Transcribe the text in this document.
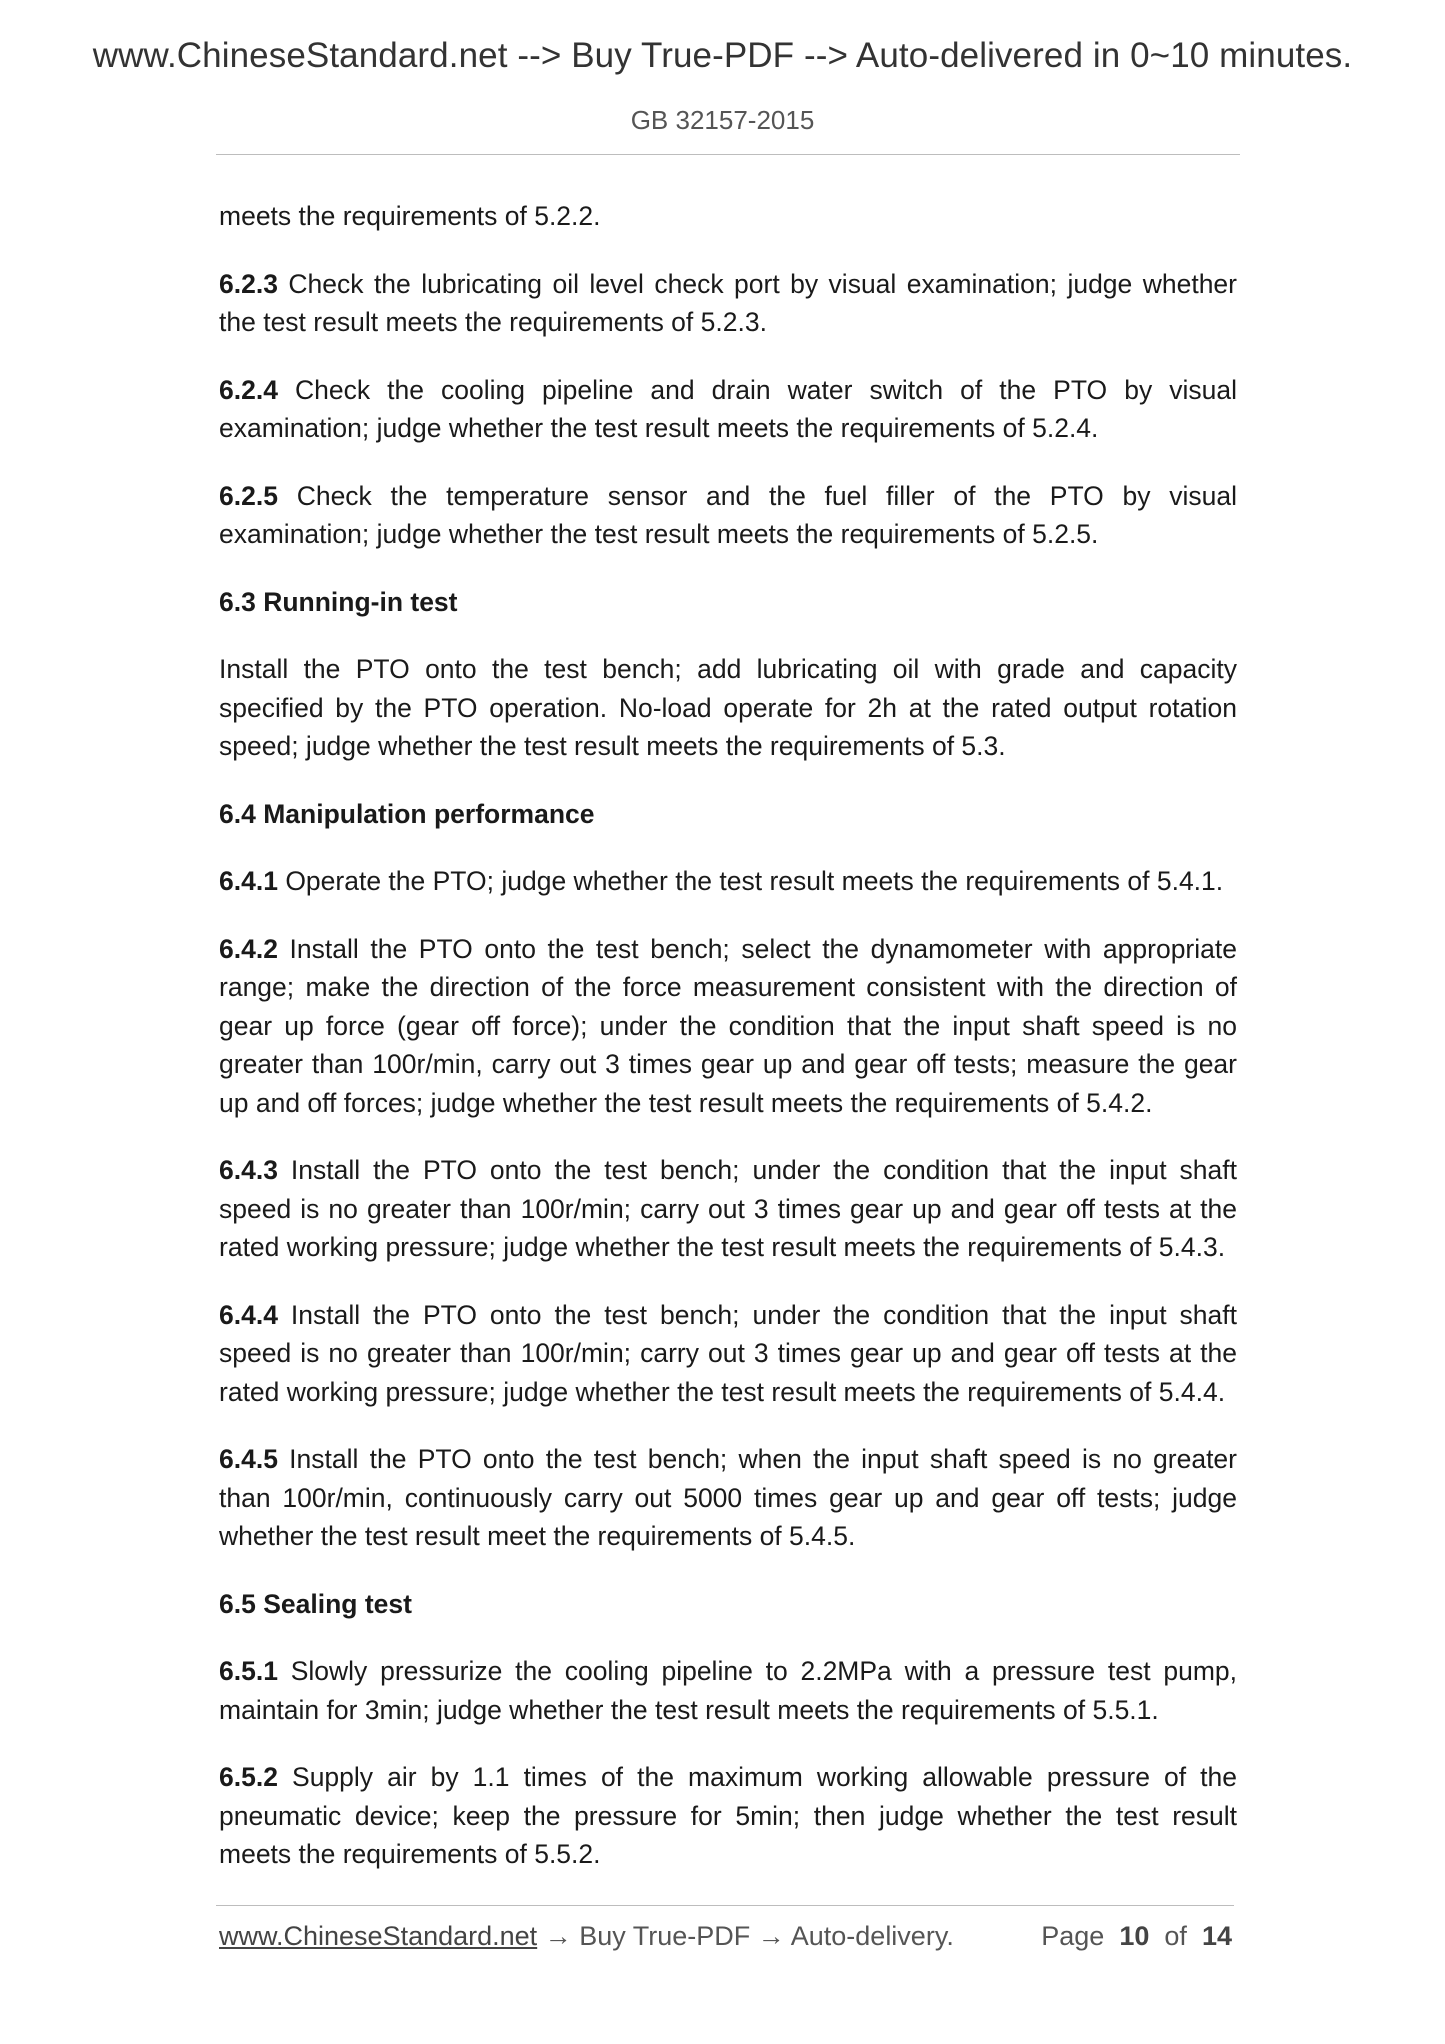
www.ChineseStandard.net --> Buy True-PDF --> Auto-delivered in 0~10 minutes.
GB 32157-2015

meets the requirements of 5.2.2.

6.2.3 Check the lubricating oil level check port by visual examination; judge whether the test result meets the requirements of 5.2.3.

6.2.4 Check the cooling pipeline and drain water switch of the PTO by visual examination; judge whether the test result meets the requirements of 5.2.4.

6.2.5 Check the temperature sensor and the fuel filler of the PTO by visual examination; judge whether the test result meets the requirements of 5.2.5.

6.3 Running-in test

Install the PTO onto the test bench; add lubricating oil with grade and capacity specified by the PTO operation. No-load operate for 2h at the rated output rotation speed; judge whether the test result meets the requirements of 5.3.

6.4 Manipulation performance

6.4.1 Operate the PTO; judge whether the test result meets the requirements of 5.4.1.

6.4.2 Install the PTO onto the test bench; select the dynamometer with appropriate range; make the direction of the force measurement consistent with the direction of gear up force (gear off force); under the condition that the input shaft speed is no greater than 100r/min, carry out 3 times gear up and gear off tests; measure the gear up and off forces; judge whether the test result meets the requirements of 5.4.2.

6.4.3 Install the PTO onto the test bench; under the condition that the input shaft speed is no greater than 100r/min; carry out 3 times gear up and gear off tests at the rated working pressure; judge whether the test result meets the requirements of 5.4.3.

6.4.4 Install the PTO onto the test bench; under the condition that the input shaft speed is no greater than 100r/min; carry out 3 times gear up and gear off tests at the rated working pressure; judge whether the test result meets the requirements of 5.4.4.

6.4.5 Install the PTO onto the test bench; when the input shaft speed is no greater than 100r/min, continuously carry out 5000 times gear up and gear off tests; judge whether the test result meet the requirements of 5.4.5.

6.5 Sealing test

6.5.1 Slowly pressurize the cooling pipeline to 2.2MPa with a pressure test pump, maintain for 3min; judge whether the test result meets the requirements of 5.5.1.

6.5.2 Supply air by 1.1 times of the maximum working allowable pressure of the pneumatic device; keep the pressure for 5min; then judge whether the test result meets the requirements of 5.5.2.

www.ChineseStandard.net → Buy True-PDF → Auto-delivery.	Page 10 of 14
